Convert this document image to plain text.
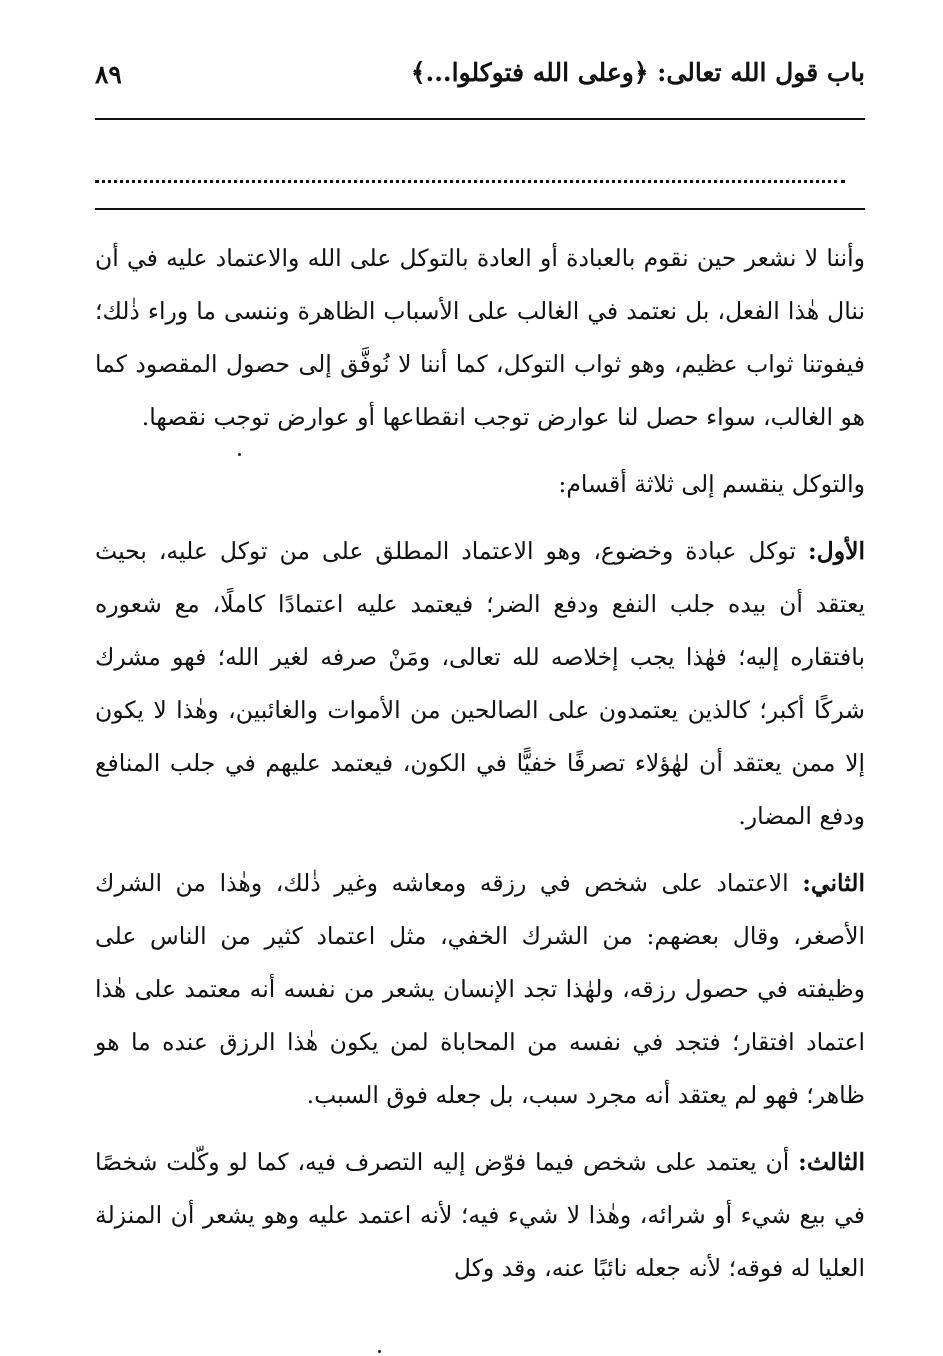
باب قول الله تعالى: ﴿وعلى الله فتوكلوا...﴾
٨٩

وأننا لا نشعر حين نقوم بالعبادة أو العادة بالتوكل على الله والاعتماد عليه في أن ننال هٰذا الفعل، بل نعتمد في الغالب على الأسباب الظاهرة وننسى ما وراء ذٰلك؛ فيفوتنا ثواب عظيم، وهو ثواب التوكل، كما أننا لا نُوفَّق إلى حصول المقصود كما هو الغالب، سواء حصل لنا عوارض توجب انقطاعها أو عوارض توجب نقصها.

والتوكل ينقسم إلى ثلاثة أقسام:

الأول: توكل عبادة وخضوع، وهو الاعتماد المطلق على من توكل عليه، بحيث يعتقد أن بيده جلب النفع ودفع الضر؛ فيعتمد عليه اعتمادًا كاملًا، مع شعوره بافتقاره إليه؛ فهٰذا يجب إخلاصه لله تعالى، ومَنْ صرفه لغير الله؛ فهو مشرك شركًا أكبر؛ كالذين يعتمدون على الصالحين من الأموات والغائبين، وهٰذا لا يكون إلا ممن يعتقد أن لهٰؤلاء تصرفًا خفيًّا في الكون، فيعتمد عليهم في جلب المنافع ودفع المضار.

الثاني: الاعتماد على شخص في رزقه ومعاشه وغير ذٰلك، وهٰذا من الشرك الأصغر، وقال بعضهم: من الشرك الخفي، مثل اعتماد كثير من الناس على وظيفته في حصول رزقه، ولهٰذا تجد الإنسان يشعر من نفسه أنه معتمد على هٰذا اعتماد افتقار؛ فتجد في نفسه من المحاباة لمن يكون هٰذا الرزق عنده ما هو ظاهر؛ فهو لم يعتقد أنه مجرد سبب، بل جعله فوق السبب.

الثالث: أن يعتمد على شخص فيما فوّض إليه التصرف فيه، كما لو وكّلت شخصًا في بيع شيء أو شرائه، وهٰذا لا شيء فيه؛ لأنه اعتمد عليه وهو يشعر أن المنزلة العليا له فوقه؛ لأنه جعله نائبًا عنه، وقد وكل
